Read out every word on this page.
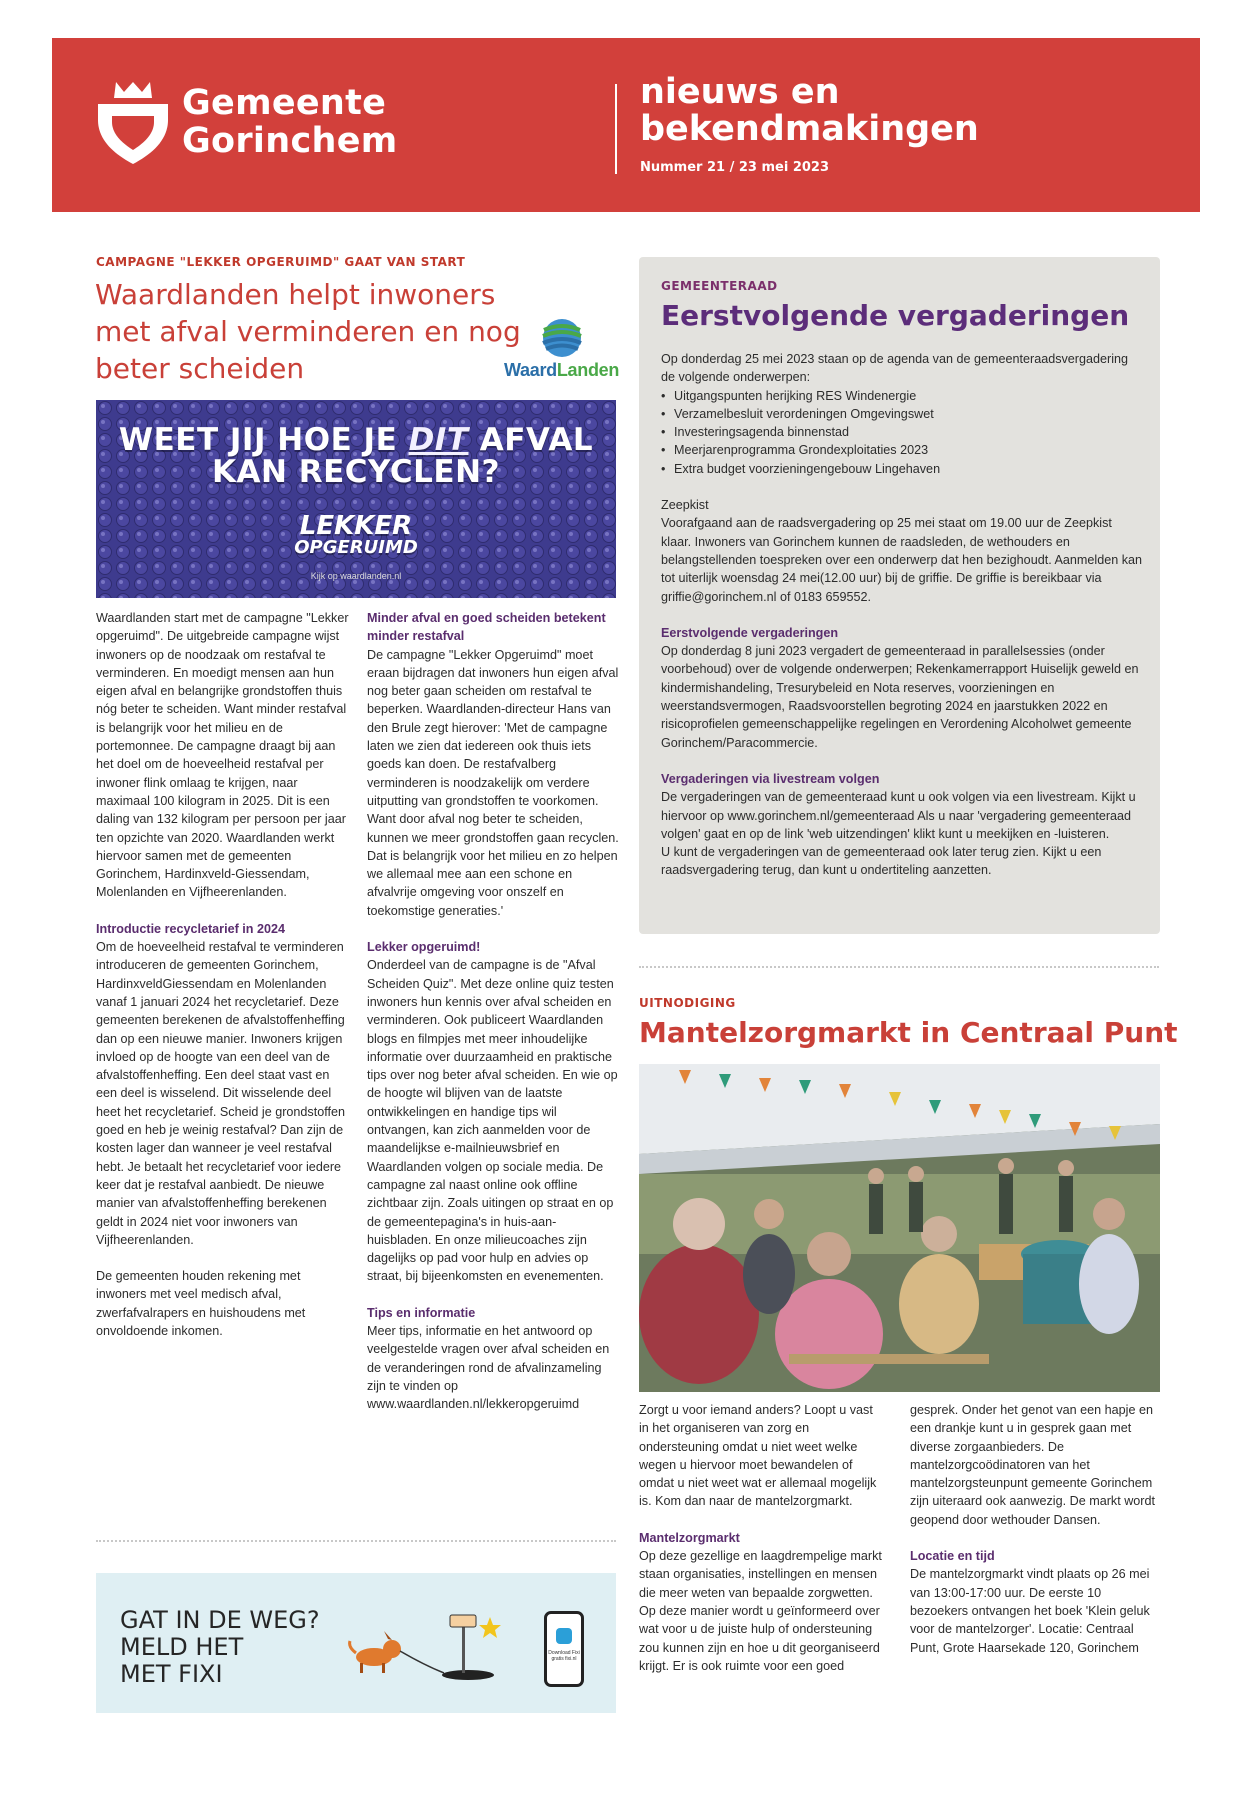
Gemeente
Gorinchem
nieuws en
bekendmakingen
Nummer 21 / 23 mei 2023
CAMPAGNE "LEKKER OPGERUIMD" GAAT VAN START
Waardlanden helpt inwoners met afval verminderen en nog beter scheiden	WaardLanden
WEET JIJ HOE JE DIT AFVAL
KAN RECYCLEN?
LEKKER
OPGERUIMD
Kijk op waardlanden.nl

Waardlanden start met de campagne "Lekker opgeruimd". De uitgebreide campagne wijst inwoners op de noodzaak om restafval te verminderen. En moedigt mensen aan hun eigen afval en belangrijke grondstoffen thuis nóg beter te scheiden. Want minder restafval is belangrijk voor het milieu en de portemonnee. De campagne draagt bij aan het doel om de hoeveelheid restafval per inwoner flink omlaag te krijgen, naar maximaal 100 kilogram in 2025. Dit is een daling van 132 kilogram per persoon per jaar ten opzichte van 2020. Waardlanden werkt hiervoor samen met de gemeenten Gorinchem, Hardinxveld-Giessendam, Molenlanden en Vijfheerenlanden.

Introductie recycletarief in 2024

Om de hoeveelheid restafval te verminderen introduceren de gemeenten Gorinchem, HardinxveldGiessendam en Molenlanden vanaf 1 januari 2024 het recycletarief. Deze gemeenten berekenen de afvalstoffenheffing dan op een nieuwe manier. Inwoners krijgen invloed op de hoogte van een deel van de afvalstoffenheffing. Een deel staat vast en een deel is wisselend. Dit wisselende deel heet het recycletarief. Scheid je grondstoffen goed en heb je weinig restafval? Dan zijn de kosten lager dan wanneer je veel restafval hebt. Je betaalt het recycletarief voor iedere keer dat je restafval aanbiedt. De nieuwe manier van afvalstoffenheffing berekenen geldt in 2024 niet voor inwoners van Vijfheerenlanden.

De gemeenten houden rekening met inwoners met veel medisch afval, zwerfafvalrapers en huishoudens met onvoldoende inkomen.

Minder afval en goed scheiden betekent minder restafval

De campagne "Lekker Opgeruimd" moet eraan bijdragen dat inwoners hun eigen afval nog beter gaan scheiden om restafval te beperken. Waardlanden-directeur Hans van den Brule zegt hierover: 'Met de campagne laten we zien dat iedereen ook thuis iets goeds kan doen. De restafvalberg verminderen is noodzakelijk om verdere uitputting van grondstoffen te voorkomen. Want door afval nog beter te scheiden, kunnen we meer grondstoffen gaan recyclen. Dat is belangrijk voor het milieu en zo helpen we allemaal mee aan een schone en afvalvrije omgeving voor onszelf en toekomstige generaties.'

Lekker opgeruimd!

Onderdeel van de campagne is de "Afval Scheiden Quiz". Met deze online quiz testen inwoners hun kennis over afval scheiden en verminderen. Ook publiceert Waardlanden blogs en filmpjes met meer inhoudelijke informatie over duurzaamheid en praktische tips over nog beter afval scheiden. En wie op de hoogte wil blijven van de laatste ontwikkelingen en handige tips wil ontvangen, kan zich aanmelden voor de maandelijkse e-mailnieuwsbrief en Waardlanden volgen op sociale media. De campagne zal naast online ook offline zichtbaar zijn. Zoals uitingen op straat en op de gemeentepagina's in huis-aan-huisbladen. En onze milieucoaches zijn dagelijks op pad voor hulp en advies op straat, bij bijeenkomsten en evenementen.

Tips en informatie

Meer tips, informatie en het antwoord op veelgestelde vragen over afval scheiden en de veranderingen rond de afvalinzameling zijn te vinden op www.waardlanden.nl/lekkeropgeruimd

GAT IN DE WEG?
MELD HET
MET FIXI
Download Fixi gratis fixi.nl
GEMEENTERAAD
Eerstvolgende vergaderingen

Op donderdag 25 mei 2023 staan op de agenda van de gemeenteraadsvergadering de volgende onderwerpen:

• Uitgangspunten herijking RES Windenergie
• Verzamelbesluit verordeningen Omgevingswet
• Investeringsagenda binnenstad
• Meerjarenprogramma Grondexploitaties 2023
• Extra budget voorzieningengebouw Lingehaven

Zeepkist

Voorafgaand aan de raadsvergadering op 25 mei staat om 19.00 uur de Zeepkist klaar. Inwoners van Gorinchem kunnen de raadsleden, de wethouders en belangstellenden toespreken over een onderwerp dat hen bezighoudt. Aanmelden kan tot uiterlijk woensdag 24 mei(12.00 uur) bij de griffie. De griffie is bereikbaar via griffie@gorinchem.nl of 0183 659552.

Eerstvolgende vergaderingen

Op donderdag 8 juni 2023 vergadert de gemeenteraad in parallelsessies (onder voorbehoud) over de volgende onderwerpen; Rekenkamerrapport Huiselijk geweld en kindermishandeling, Tresurybeleid en Nota reserves, voorzieningen en weerstandsvermogen, Raadsvoorstellen begroting 2024 en jaarstukken 2022 en risicoprofielen gemeenschappelijke regelingen en Verordening Alcoholwet gemeente Gorinchem/Paracommercie.

Vergaderingen via livestream volgen

De vergaderingen van de gemeenteraad kunt u ook volgen via een livestream. Kijkt u hiervoor op www.gorinchem.nl/gemeenteraad Als u naar 'vergadering gemeenteraad volgen' gaat en op de link 'web uitzendingen' klikt kunt u meekijken en -luisteren.

U kunt de vergaderingen van de gemeenteraad ook later terug zien. Kijkt u een raadsvergadering terug, dan kunt u ondertiteling aanzetten.

UITNODIGING
Mantelzorgmarkt in Centraal Punt

Zorgt u voor iemand anders? Loopt u vast in het organiseren van zorg en ondersteuning omdat u niet weet welke wegen u hiervoor moet bewandelen of omdat u niet weet wat er allemaal mogelijk is. Kom dan naar de mantelzorgmarkt.

Mantelzorgmarkt

Op deze gezellige en laagdrempelige markt staan organisaties, instellingen en mensen die meer weten van bepaalde zorgwetten. Op deze manier wordt u geïnformeerd over wat voor u de juiste hulp of ondersteuning zou kunnen zijn en hoe u dit georganiseerd krijgt. Er is ook ruimte voor een goed

gesprek. Onder het genot van een hapje en een drankje kunt u in gesprek gaan met diverse zorgaanbieders. De mantelzorgcoödinatoren van het mantelzorgsteunpunt gemeente Gorinchem zijn uiteraard ook aanwezig. De markt wordt geopend door wethouder Dansen.

Locatie en tijd

De mantelzorgmarkt vindt plaats op 26 mei van 13:00-17:00 uur. De eerste 10 bezoekers ontvangen het boek 'Klein geluk voor de mantelzorger'. Locatie: Centraal Punt, Grote Haarsekade 120, Gorinchem
